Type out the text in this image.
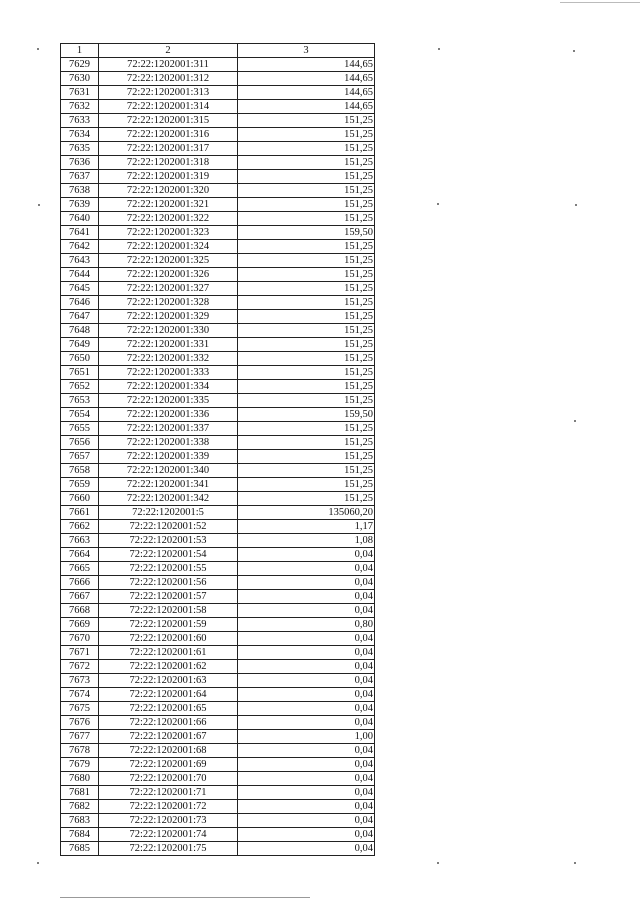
1	2	3
7629	72:22:1202001:311	144,65
7630	72:22:1202001:312	144,65
7631	72:22:1202001:313	144,65
7632	72:22:1202001:314	144,65
7633	72:22:1202001:315	151,25
7634	72:22:1202001:316	151,25
7635	72:22:1202001:317	151,25
7636	72:22:1202001:318	151,25
7637	72:22:1202001:319	151,25
7638	72:22:1202001:320	151,25
7639	72:22:1202001:321	151,25
7640	72:22:1202001:322	151,25
7641	72:22:1202001:323	159,50
7642	72:22:1202001:324	151,25
7643	72:22:1202001:325	151,25
7644	72:22:1202001:326	151,25
7645	72:22:1202001:327	151,25
7646	72:22:1202001:328	151,25
7647	72:22:1202001:329	151,25
7648	72:22:1202001:330	151,25
7649	72:22:1202001:331	151,25
7650	72:22:1202001:332	151,25
7651	72:22:1202001:333	151,25
7652	72:22:1202001:334	151,25
7653	72:22:1202001:335	151,25
7654	72:22:1202001:336	159,50
7655	72:22:1202001:337	151,25
7656	72:22:1202001:338	151,25
7657	72:22:1202001:339	151,25
7658	72:22:1202001:340	151,25
7659	72:22:1202001:341	151,25
7660	72:22:1202001:342	151,25
7661	72:22:1202001:5	135060,20
7662	72:22:1202001:52	1,17
7663	72:22:1202001:53	1,08
7664	72:22:1202001:54	0,04
7665	72:22:1202001:55	0,04
7666	72:22:1202001:56	0,04
7667	72:22:1202001:57	0,04
7668	72:22:1202001:58	0,04
7669	72:22:1202001:59	0,80
7670	72:22:1202001:60	0,04
7671	72:22:1202001:61	0,04
7672	72:22:1202001:62	0,04
7673	72:22:1202001:63	0,04
7674	72:22:1202001:64	0,04
7675	72:22:1202001:65	0,04
7676	72:22:1202001:66	0,04
7677	72:22:1202001:67	1,00
7678	72:22:1202001:68	0,04
7679	72:22:1202001:69	0,04
7680	72:22:1202001:70	0,04
7681	72:22:1202001:71	0,04
7682	72:22:1202001:72	0,04
7683	72:22:1202001:73	0,04
7684	72:22:1202001:74	0,04
7685	72:22:1202001:75	0,04
